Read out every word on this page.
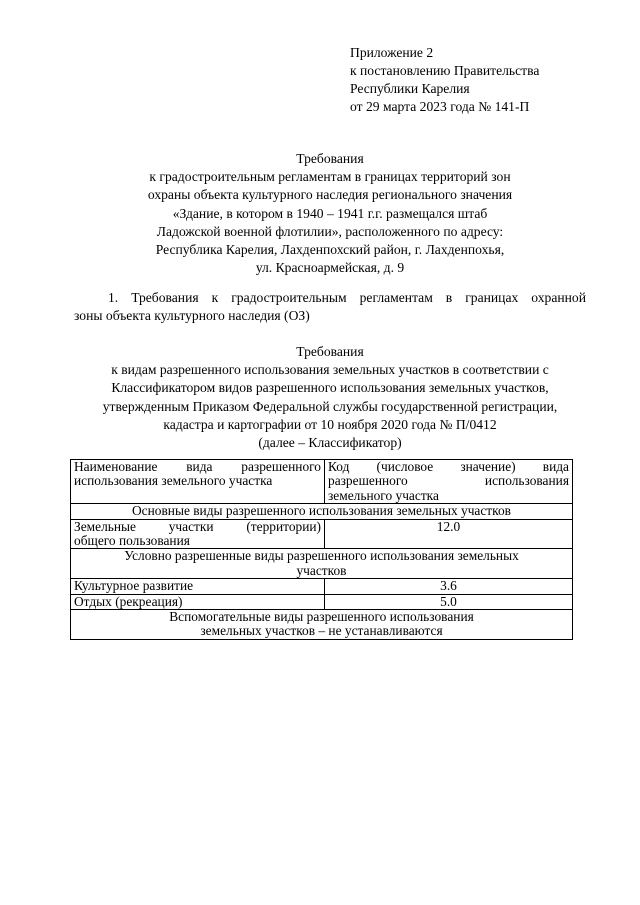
Приложение 2
к постановлению Правительства
Республики Карелия
от 29 марта 2023 года № 141-П
Требования
к градостроительным регламентам в границах территорий зон
охраны объекта культурного наследия регионального значения
«Здание, в котором в 1940 – 1941 г.г. размещался штаб
Ладожской военной флотилии», расположенного по адресу:
Республика Карелия, Лахденпохский район, г. Лахденпохья,
ул. Красноармейская, д. 9
1. Требования к градостроительным регламентам в границах охранной
зоны объекта культурного наследия (ОЗ)
Требования
к видам разрешенного использования земельных участков в соответствии с
Классификатором видов разрешенного использования земельных участков,
утвержденным Приказом Федеральной службы государственной регистрации,
кадастра и картографии от 10 ноября 2020 года № П/0412
(далее – Классификатор)
Наименование вида разрешенного
использования земельного участка	Код (числовое значение) вида
разрешенного использования
земельного участка

Основные виды разрешенного использования земельных участков	

Земельные участки (территории)
общего пользования	12.0

Условно разрешенные виды разрешенного использования земельных
участков	

Культурное развитие	3.6
Отдых (рекреация)	5.0

Вспомогательные виды разрешенного использования
земельных участков – не устанавливаются	
